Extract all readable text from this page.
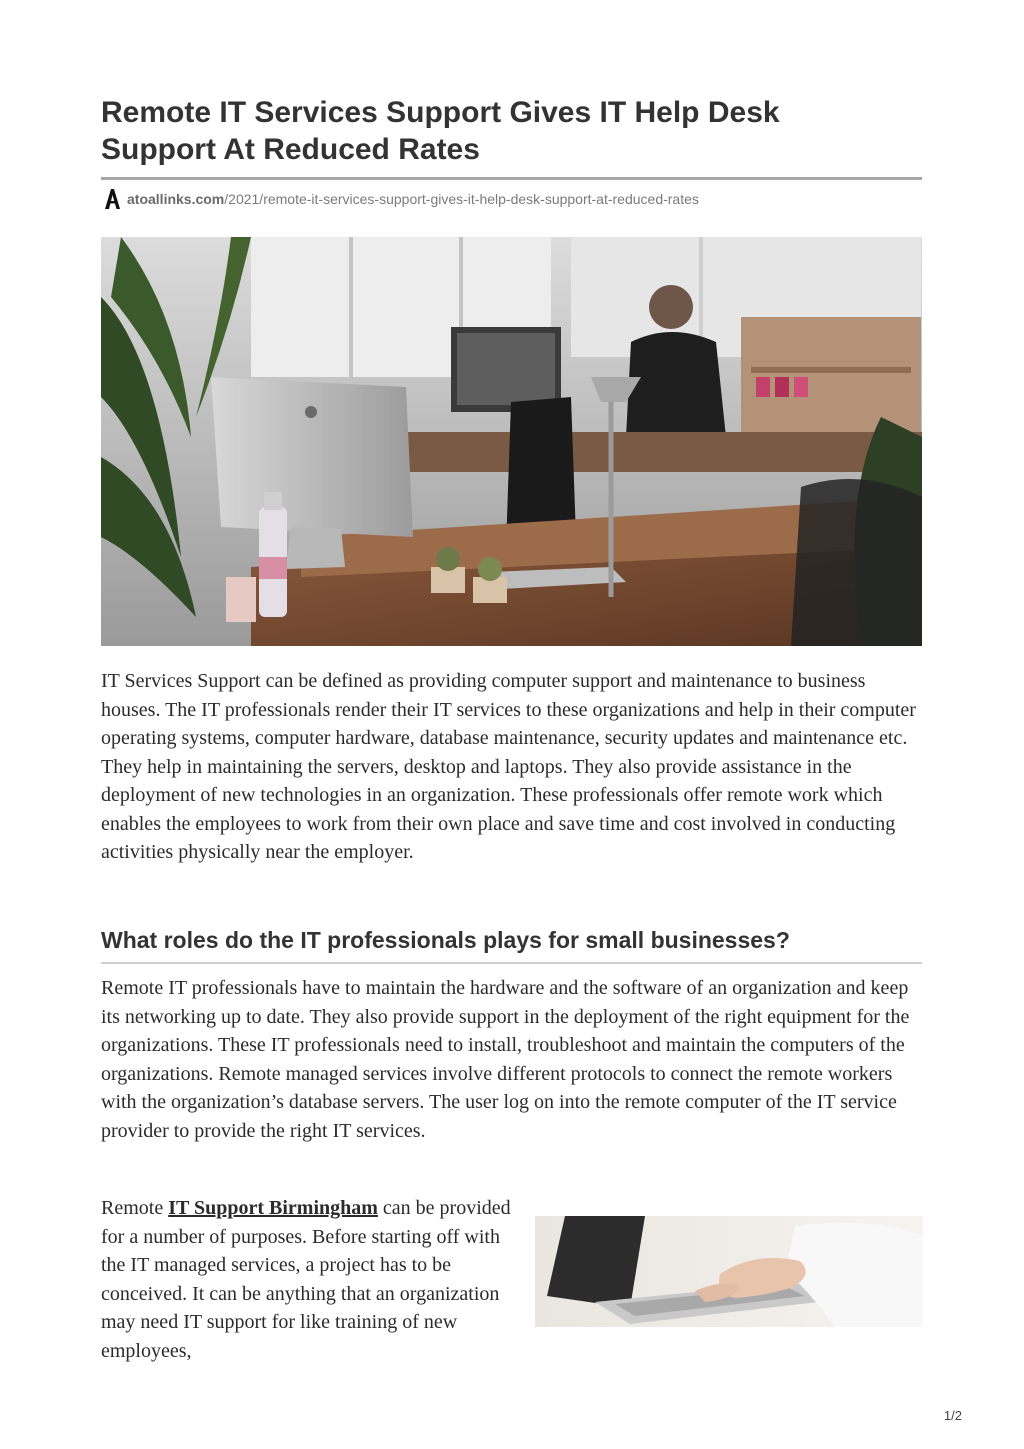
Remote IT Services Support Gives IT Help Desk Support At Reduced Rates
atoallinks.com /2021/remote-it-services-support-gives-it-help-desk-support-at-reduced-rates

IT Services Support can be defined as providing computer support and maintenance to business houses. The IT professionals render their IT services to these organizations and help in their computer operating systems, computer hardware, database maintenance, security updates and maintenance etc. They help in maintaining the servers, desktop and laptops. They also provide assistance in the deployment of new technologies in an organization. These professionals offer remote work which enables the employees to work from their own place and save time and cost involved in conducting activities physically near the employer.

What roles do the IT professionals plays for small businesses?

Remote IT professionals have to maintain the hardware and the software of an organization and keep its networking up to date. They also provide support in the deployment of the right equipment for the organizations. These IT professionals need to install, troubleshoot and maintain the computers of the organizations. Remote managed services involve different protocols to connect the remote workers with the organization’s database servers. The user log on into the remote computer of the IT service provider to provide the right IT services.

Remote IT Support Birmingham can be provided for a number of purposes. Before starting off with the IT managed services, a project has to be conceived. It can be anything that an organization may need IT support for like training of new employees,

1/2
